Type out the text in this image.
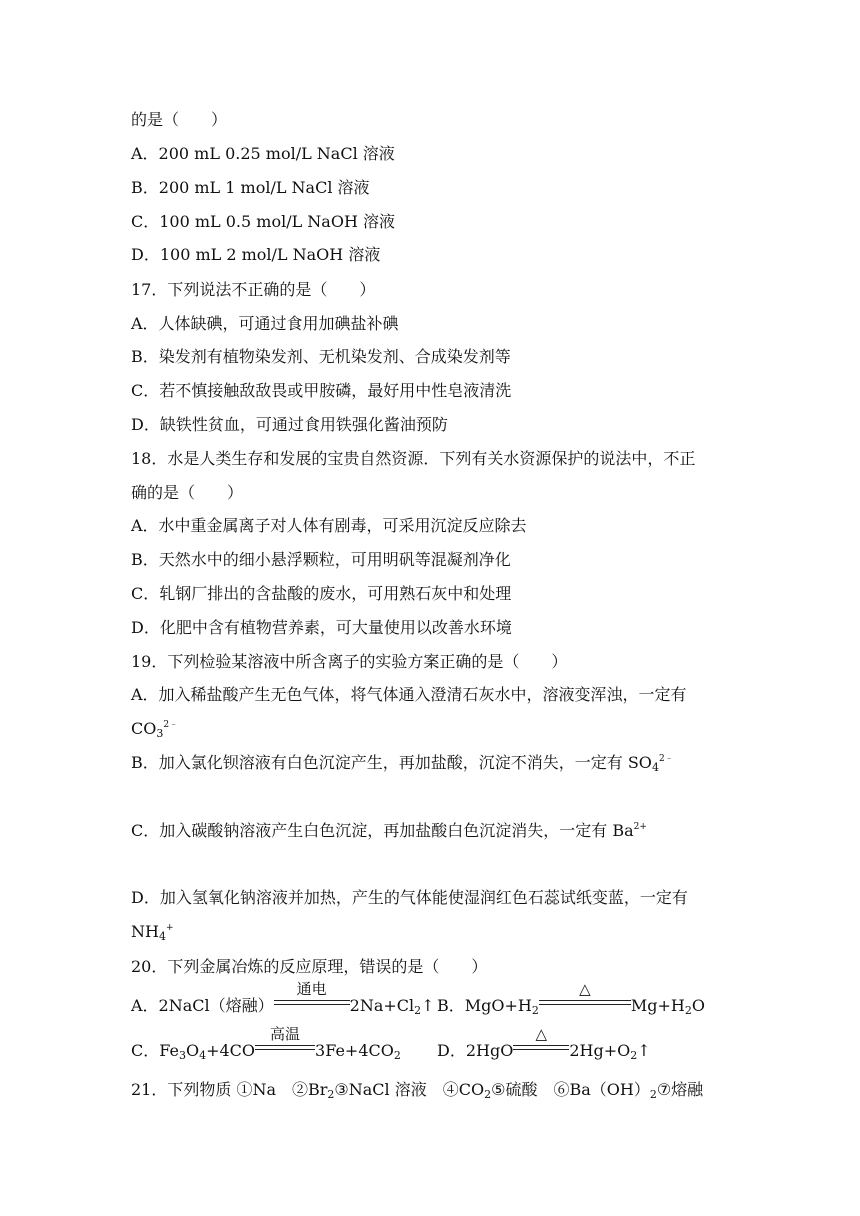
的是（　　）
A．200 mL 0.25 mol/L NaCl 溶液
B．200 mL 1 mol/L NaCl 溶液
C．100 mL 0.5 mol/L NaOH 溶液
D．100 mL 2 mol/L NaOH 溶液
17．下列说法不正确的是（　　）
A．人体缺碘，可通过食用加碘盐补碘
B．染发剂有植物染发剂、无机染发剂、合成染发剂等
C．若不慎接触敌敌畏或甲胺磷，最好用中性皂液清洗
D．缺铁性贫血，可通过食用铁强化酱油预防
18．水是人类生存和发展的宝贵自然资源．下列有关水资源保护的说法中，不正
确的是（　　）
A．水中重金属离子对人体有剧毒，可采用沉淀反应除去
B．天然水中的细小悬浮颗粒，可用明矾等混凝剂净化
C．轧钢厂排出的含盐酸的废水，可用熟石灰中和处理
D．化肥中含有植物营养素，可大量使用以改善水环境
19．下列检验某溶液中所含离子的实验方案正确的是（　　）
A．加入稀盐酸产生无色气体，将气体通入澄清石灰水中，溶液变浑浊，一定有
$CO_3^{2﹣}$
B．加入氯化钡溶液有白色沉淀产生，再加盐酸，沉淀不消失，一定有 $SO_4^{2﹣}$
C．加入碳酸钠溶液产生白色沉淀，再加盐酸白色沉淀消失，一定有 $Ba^{2+}$
D．加入氢氧化钠溶液并加热，产生的气体能使湿润红色石蕊试纸变蓝，一定有
$NH_4^+$
20．下列金属冶炼的反应原理，错误的是（　　）
A．2NaCl（熔融）
通电
$2Na+Cl_2↑$ B．$MgO+H_2$
△
$Mg+H_2O$
C．$Fe_3O_4+4CO$
高温
$3Fe+4CO_2$ D．2HgO
△
$2Hg+O_2↑$
21．下列物质 ①Na　$②Br_2③NaCl$ 溶液　$④CO_2⑤$硫酸　$⑥Ba(OH)_2⑦$熔融
